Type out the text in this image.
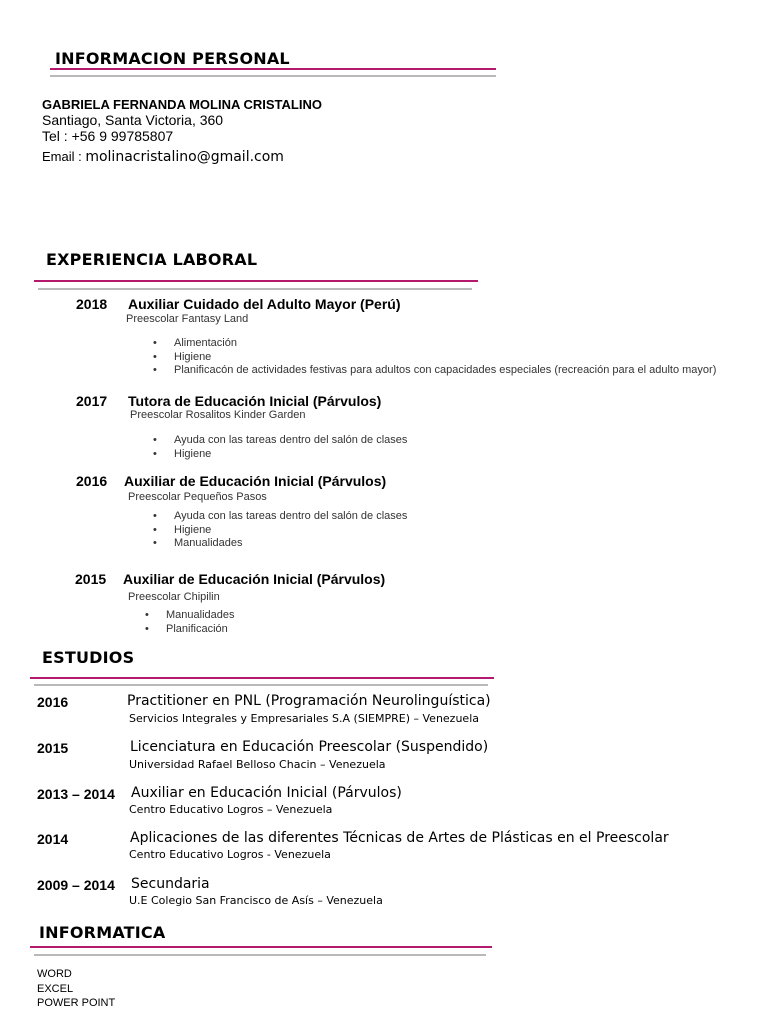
INFORMACION PERSONAL
GABRIELA FERNANDA MOLINA CRISTALINO
Santiago, Santa Victoria, 360
Tel : +56 9 99785807
Email : molinacristalino@gmail.com
EXPERIENCIA LABORAL
2018 Auxiliar Cuidado del Adulto Mayor (Perú)
Preescolar Fantasy Land
• Alimentación
• Higiene
• Planificacón de actividades festivas para adultos con capacidades especiales (recreación para el adulto mayor)
2017 Tutora de Educación Inicial (Párvulos)
Preescolar Rosalitos Kinder Garden
• Ayuda con las tareas dentro del salón de clases
• Higiene
2016 Auxiliar de Educación Inicial (Párvulos)
Preescolar Pequeños Pasos
• Ayuda con las tareas dentro del salón de clases
• Higiene
• Manualidades
2015 Auxiliar de Educación Inicial (Párvulos)
Preescolar Chipilin
• Manualidades
• Planificación
ESTUDIOS
2016	Practitioner en PNL (Programación Neurolinguística)
Servicios Integrales y Empresariales S.A (SIEMPRE) – Venezuela
2015	Licenciatura en Educación Preescolar (Suspendido)
Universidad Rafael Belloso Chacin – Venezuela
2013 – 2014 Auxiliar en Educación Inicial (Párvulos)
Centro Educativo Logros – Venezuela
2014	Aplicaciones de las diferentes Técnicas de Artes de Plásticas en el Preescolar
Centro Educativo Logros - Venezuela
2009 – 2014 Secundaria
U.E Colegio San Francisco de Asís – Venezuela
INFORMATICA
WORD
EXCEL
POWER POINT
